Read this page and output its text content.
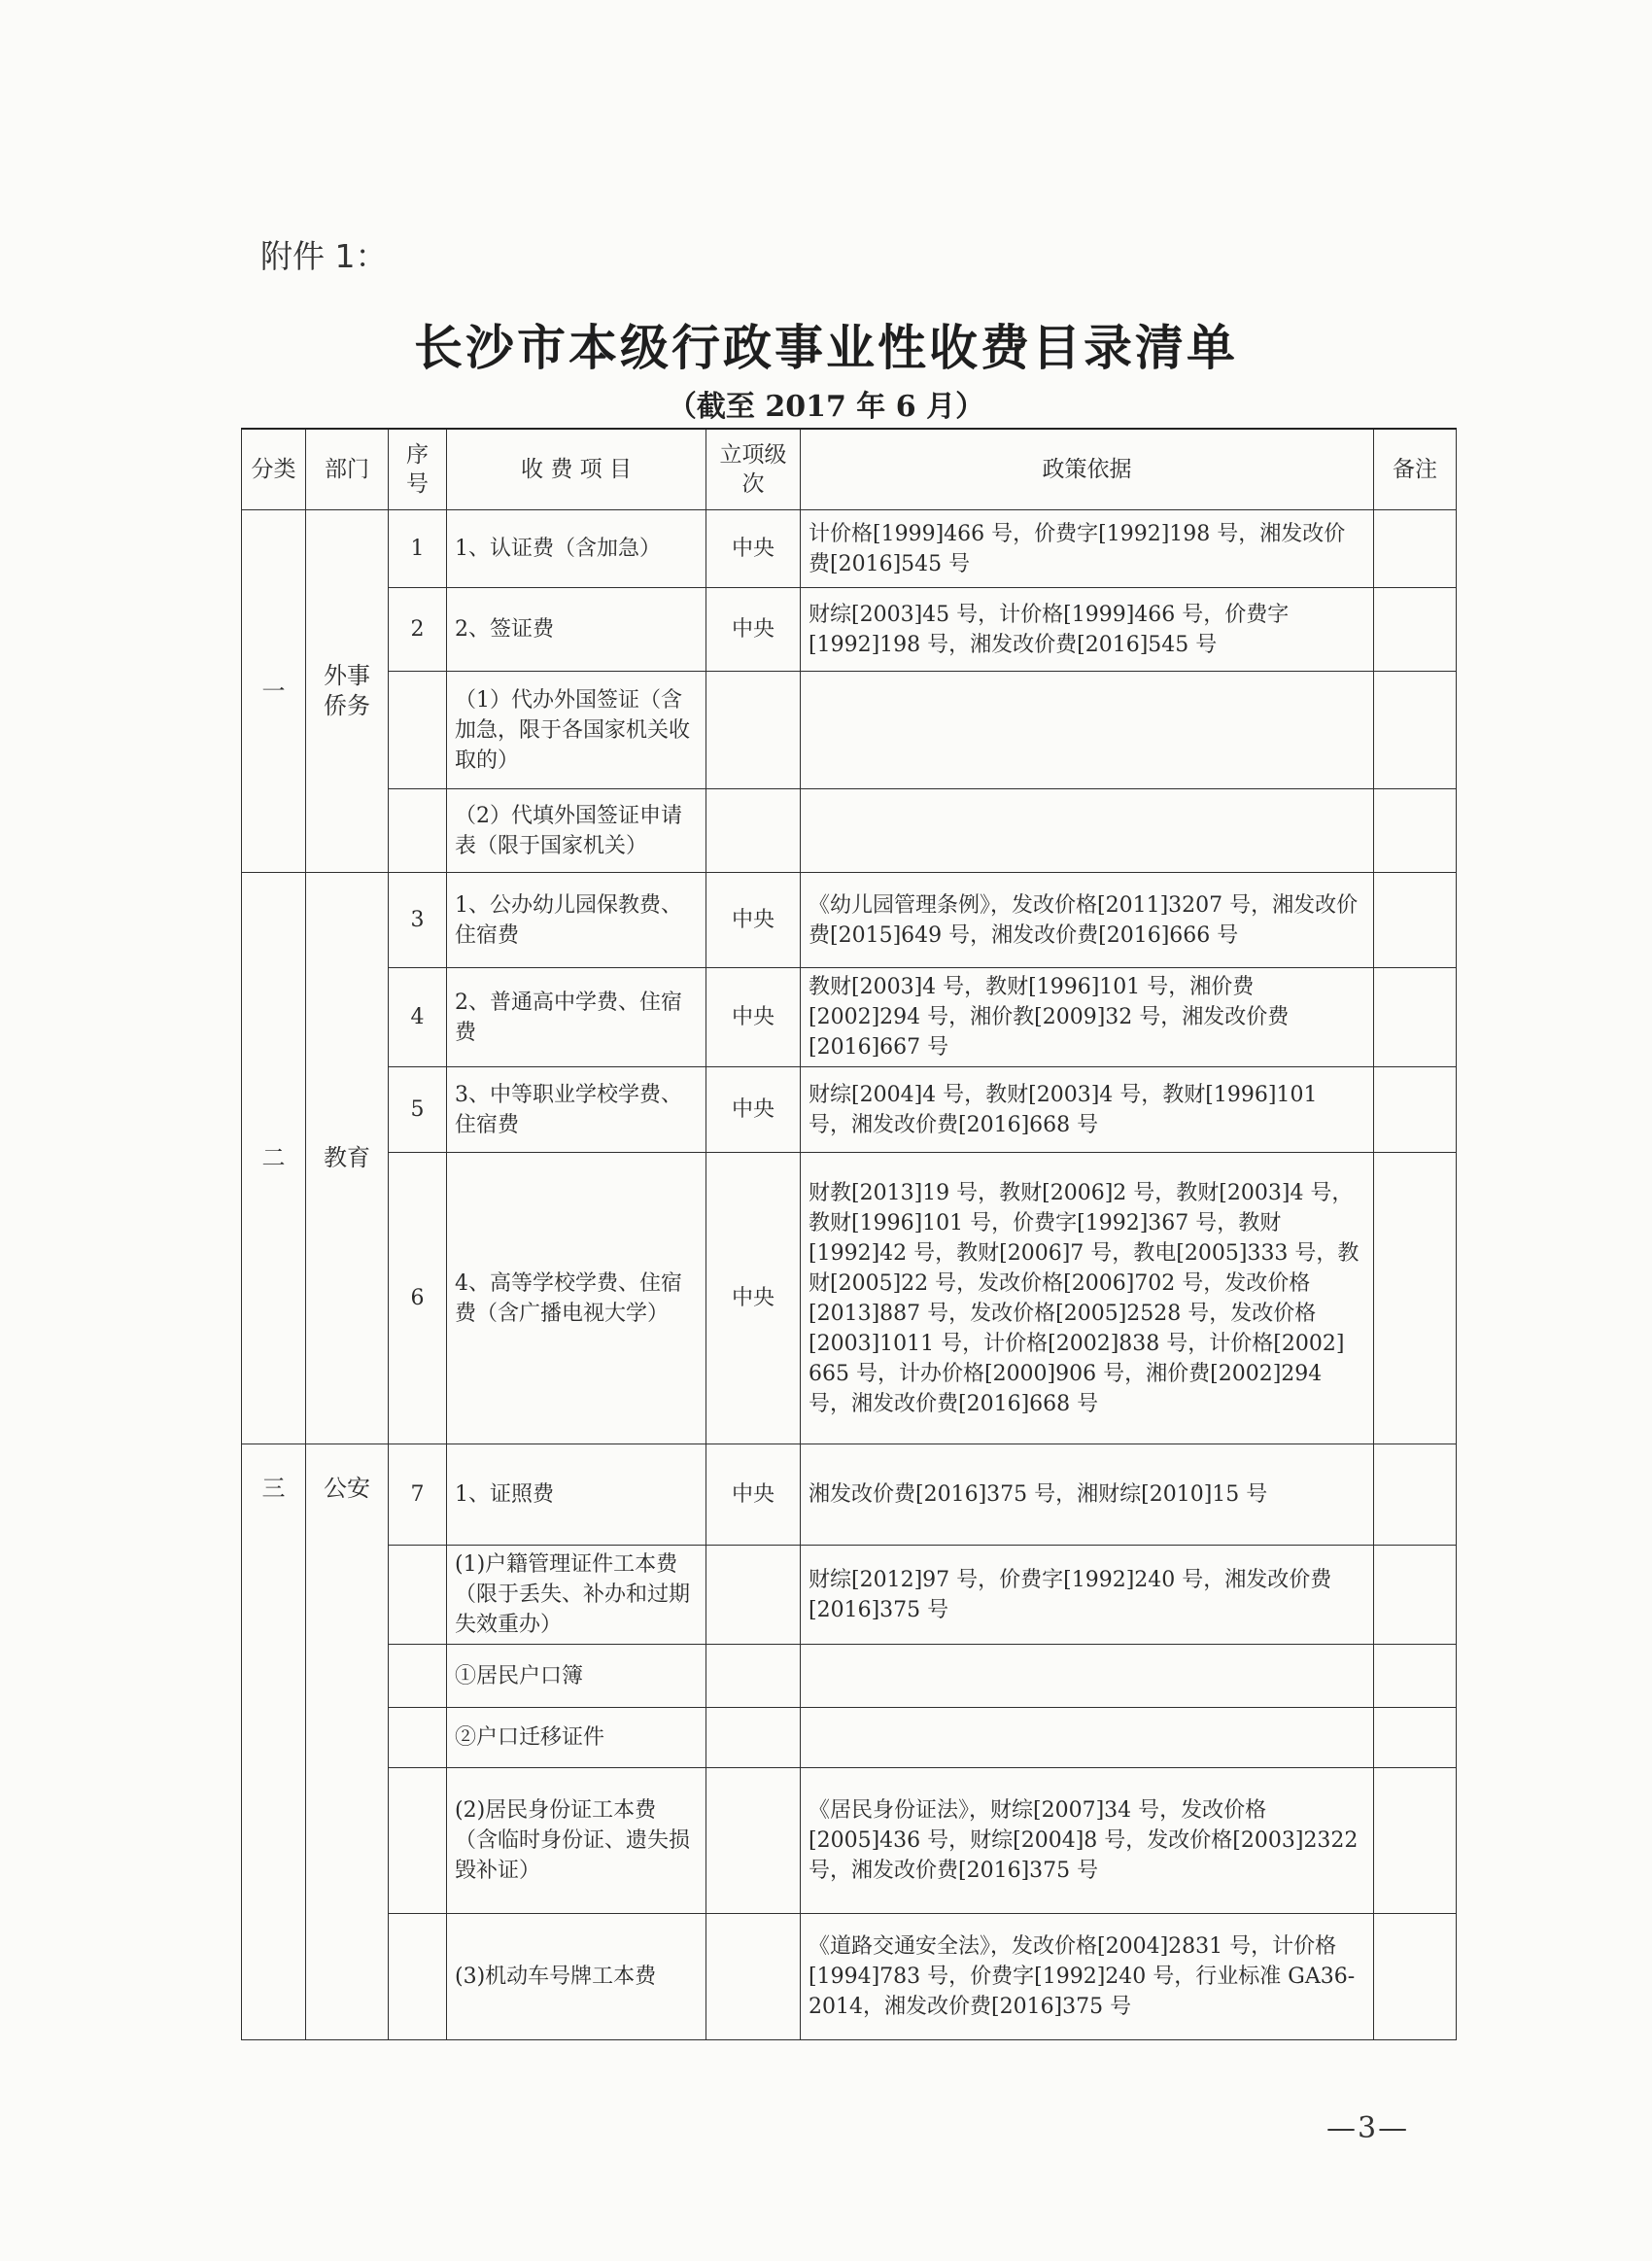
附件 1：
长沙市本级行政事业性收费目录清单
（截至 2017 年 6 月）
分类	部门	序号	收 费 项 目	立项级次	政策依据	备注
一	外事侨务	1	1、认证费（含加急）	中央	计价格[1999]466 号，价费字[1992]198 号，湘发改价费[2016]545 号	
		2	2、签证费	中央	财综[2003]45 号，计价格[1999]466 号，价费字[1992]198 号，湘发改价费[2016]545 号	
			（1）代办外国签证（含加急，限于各国家机关收取的）			
			（2）代填外国签证申请表（限于国家机关）			
二	教育	3	1、公办幼儿园保教费、住宿费	中央	《幼儿园管理条例》，发改价格[2011]3207 号，湘发改价费[2015]649 号，湘发改价费[2016]666 号	
		4	2、普通高中学费、住宿费	中央	教财[2003]4 号，教财[1996]101 号，湘价费[2002]294 号，湘价教[2009]32 号，湘发改价费[2016]667 号	
		5	3、中等职业学校学费、住宿费	中央	财综[2004]4 号，教财[2003]4 号，教财[1996]101 号，湘发改价费[2016]668 号	
		6	4、高等学校学费、住宿费（含广播电视大学）	中央	财教[2013]19 号，教财[2006]2 号，教财[2003]4 号，教财[1996]101 号，价费字[1992]367 号，教财[1992]42 号，教财[2006]7 号，教电[2005]333 号，教财[2005]22 号，发改价格[2006]702 号，发改价格[2013]887 号，发改价格[2005]2528 号，发改价格[2003]1011 号，计价格[2002]838 号，计价格[2002] 665 号，计办价格[2000]906 号，湘价费[2002]294 号，湘发改价费[2016]668 号	
三	公安	7	1、证照费	中央	湘发改价费[2016]375 号，湘财综[2010]15 号	
			(1)户籍管理证件工本费（限于丢失、补办和过期失效重办）		财综[2012]97 号，价费字[1992]240 号，湘发改价费[2016]375 号	
			①居民户口簿			
			②户口迁移证件			
			(2)居民身份证工本费（含临时身份证、遗失损毁补证）		《居民身份证法》，财综[2007]34 号，发改价格[2005]436 号，财综[2004]8 号，发改价格[2003]2322 号，湘发改价费[2016]375 号	
			(3)机动车号牌工本费		《道路交通安全法》，发改价格[2004]2831 号，计价格[1994]783 号，价费字[1992]240 号，行业标准 GA36-2014，湘发改价费[2016]375 号	
—3—
